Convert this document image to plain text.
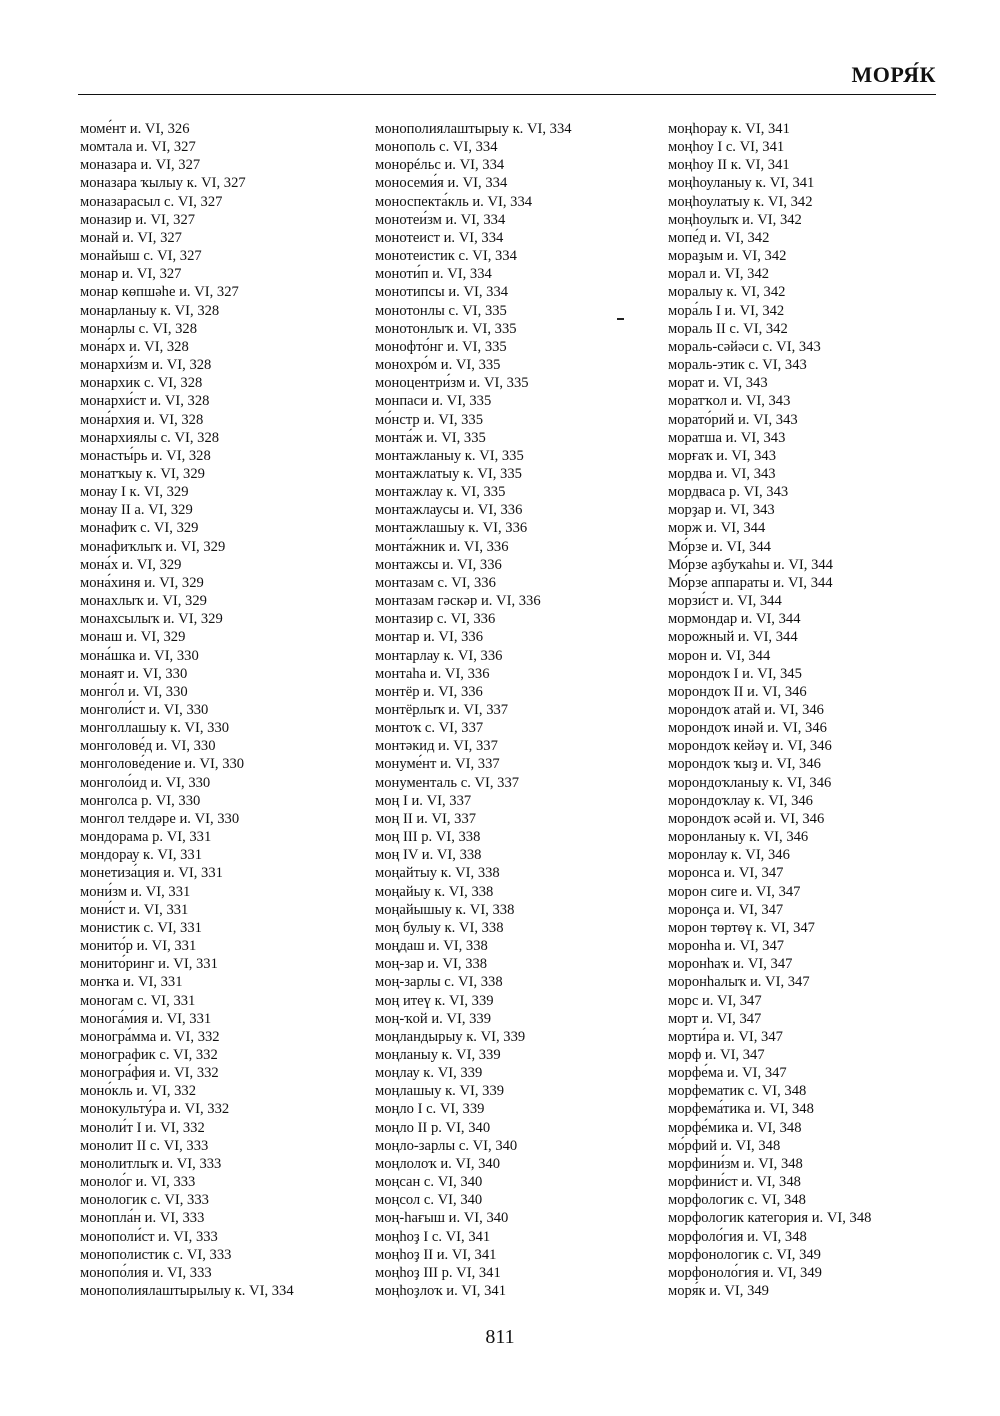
МОРЯ́К
моме́нт и. VI, 326
момтала и. VI, 327
моназара и. VI, 327
моназара ҡылыу к. VI, 327
моназарасыл с. VI, 327
моназир и. VI, 327
монай и. VI, 327
монайыш с. VI, 327
монар и. VI, 327
монар көпшәһе и. VI, 327
монарланыу к. VI, 328
монарлы с. VI, 328
мона́рх и. VI, 328
монархи́зм и. VI, 328
монархик с. VI, 328
монархи́ст и. VI, 328
мона́рхия и. VI, 328
монархиялы с. VI, 328
монасты́рь и. VI, 328
монатҡыу к. VI, 329
монау I к. VI, 329
монау II а. VI, 329
монафиҡ с. VI, 329
монафиҡлыҡ и. VI, 329
мона́х и. VI, 329
мона́хиня и. VI, 329
монахлыҡ и. VI, 329
монахсылыҡ и. VI, 329
монаш и. VI, 329
мона́шка и. VI, 330
монаят и. VI, 330
монго́л и. VI, 330
монголи́ст и. VI, 330
монголлашыу к. VI, 330
монголове́д и. VI, 330
монголове́дение и. VI, 330
монголо́ид и. VI, 330
монголса р. VI, 330
монгол телдәре и. VI, 330
мондорама р. VI, 331
мондорау к. VI, 331
монетиза́ция и. VI, 331
мони́зм и. VI, 331
мони́ст и. VI, 331
монистик с. VI, 331
монито́р и. VI, 331
монито́ринг и. VI, 331
монҡа и. VI, 331
моногам с. VI, 331
монога́мия и. VI, 331
моногра́мма и. VI, 332
монографик с. VI, 332
моногра́фия и. VI, 332
моно́кль и. VI, 332
монокульту́ра и. VI, 332
моноли́т I и. VI, 332
монолит II с. VI, 333
монолитлыҡ и. VI, 333
моноло́г и. VI, 333
монологик с. VI, 333
монопла́н и. VI, 333
монополи́ст и. VI, 333
монополистик с. VI, 333
монопо́лия и. VI, 333
монополиялаштырылыу к. VI, 334
монополиялаштырыу к. VI, 334
монополь с. VI, 334
монорéльс и. VI, 334
моносеми́я и. VI, 334
моноспекта́кль и. VI, 334
монотеи́зм и. VI, 334
монотеист и. VI, 334
монотеистик с. VI, 334
моноти́п и. VI, 334
монотипсы и. VI, 334
монотонлы с. VI, 335
монотонлыҡ и. VI, 335
монофто́нг и. VI, 335
монохро́м и. VI, 335
моноцентри́зм и. VI, 335
монпаси и. VI, 335
мо́нстр и. VI, 335
монта́ж и. VI, 335
монтажланыу к. VI, 335
монтажлатыу к. VI, 335
монтажлау к. VI, 335
монтажлаусы и. VI, 336
монтажлашыу к. VI, 336
монта́жник и. VI, 336
монтажсы и. VI, 336
монтазам с. VI, 336
монтазам гәскәр и. VI, 336
монтазир с. VI, 336
монтар и. VI, 336
монтарлау к. VI, 336
монтаһа и. VI, 336
монтёр и. VI, 336
монтёрлыҡ и. VI, 337
монтоҡ с. VI, 337
монтәкид и. VI, 337
монуме́нт и. VI, 337
монументаль с. VI, 337
моң I и. VI, 337
моң II и. VI, 337
моң III р. VI, 338
моң IV и. VI, 338
моңайтыу к. VI, 338
моңайыу к. VI, 338
моңайышыу к. VI, 338
моң булыу к. VI, 338
моңдаш и. VI, 338
моң-зар и. VI, 338
моң-зарлы с. VI, 338
моң итеү к. VI, 339
моң-ҡой и. VI, 339
моңландырыу к. VI, 339
моңланыу к. VI, 339
моңлау к. VI, 339
моңлашыу к. VI, 339
моңло I с. VI, 339
моңло II р. VI, 340
моңло-зарлы с. VI, 340
моңлолоҡ и. VI, 340
моңсан с. VI, 340
моңсол с. VI, 340
моң-һағыш и. VI, 340
моңһоҙ I с. VI, 341
моңһоҙ II и. VI, 341
моңһоҙ III р. VI, 341
моңһоҙлоҡ и. VI, 341
моңһорау к. VI, 341
моңһоу I с. VI, 341
моңһоу II к. VI, 341
моңһоуланыу к. VI, 341
моңһоулатыу к. VI, 342
моңһоулыҡ и. VI, 342
мопе́д и. VI, 342
мораҙым и. VI, 342
морал и. VI, 342
моралыу к. VI, 342
мора́ль I и. VI, 342
мораль II с. VI, 342
мораль-сәйәси с. VI, 343
мораль-этик с. VI, 343
морат и. VI, 343
моратҡол и. VI, 343
морато́рий и. VI, 343
моратша и. VI, 343
морғаҡ и. VI, 343
мордва и. VI, 343
мордваса р. VI, 343
морҙар и. VI, 343
морж и. VI, 344
Мо́рзе и. VI, 344
Мо́рзе аҙбуҡаһы и. VI, 344
Мо́рзе аппараты и. VI, 344
морзи́ст и. VI, 344
мормондар и. VI, 344
морожный и. VI, 344
морон и. VI, 344
морондоҡ I и. VI, 345
морондоҡ II и. VI, 346
морондоҡ атай и. VI, 346
морондоҡ инәй и. VI, 346
морондоҡ кейәү и. VI, 346
морондоҡ ҡыҙ и. VI, 346
морондоҡланыу к. VI, 346
морондоҡлау к. VI, 346
морондоҡ әсәй и. VI, 346
моронланыу к. VI, 346
моронлау к. VI, 346
моронса и. VI, 347
морон сиге и. VI, 347
моронҫа и. VI, 347
морон төртөү к. VI, 347
моронһа и. VI, 347
моронһаҡ и. VI, 347
моронһалыҡ и. VI, 347
морс и. VI, 347
морт и. VI, 347
морти́ра и. VI, 347
морф и. VI, 347
морфе́ма и. VI, 347
морфематик с. VI, 348
морфема́тика и. VI, 348
морфе́мика и. VI, 348
мо́рфий и. VI, 348
морфини́зм и. VI, 348
морфини́ст и. VI, 348
морфологик с. VI, 348
морфологик категория и. VI, 348
морфоло́гия и. VI, 348
морфонологик с. VI, 349
морфоноло́гия и. VI, 349
моря́к и. VI, 349
811
